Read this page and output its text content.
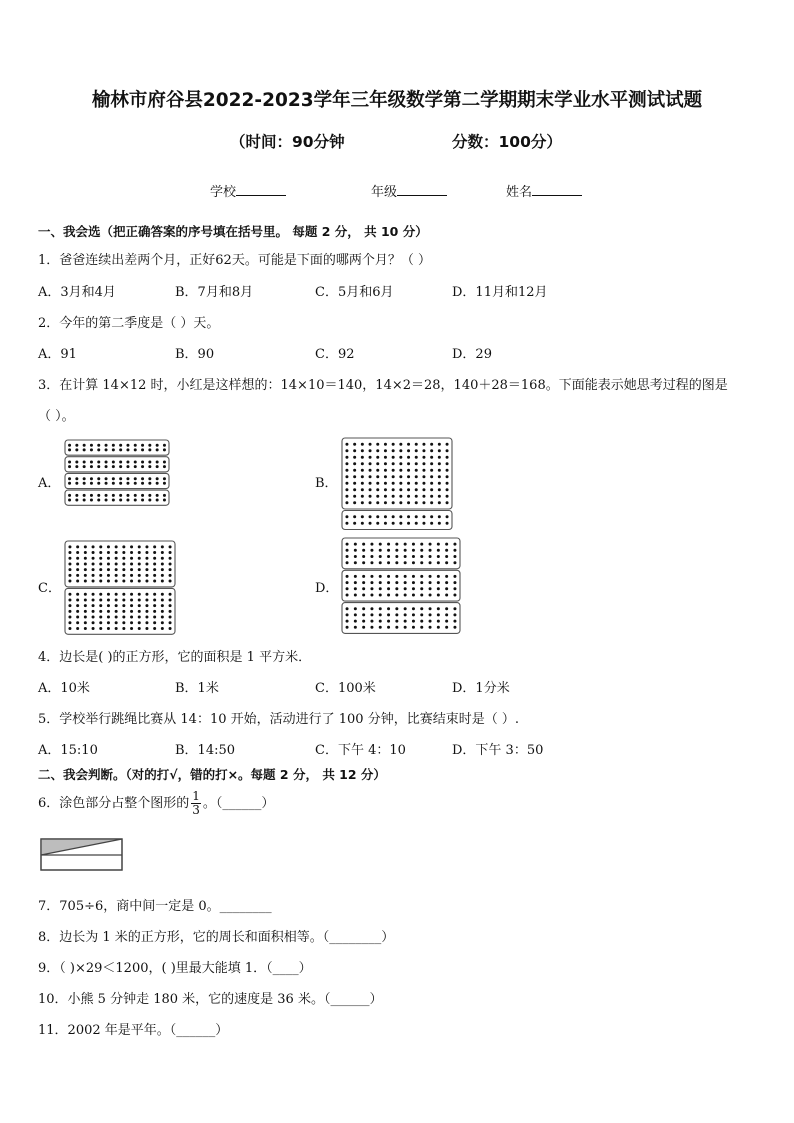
榆林市府谷县2022-2023学年三年级数学第二学期期末学业水平测试试题
（时间：90分钟	分数：100分）
学校	年级	姓名
一、我会选（把正确答案的序号填在括号里。 每题 2 分， 共 10 分）
1．爸爸连续出差两个月，正好62天。可能是下面的哪两个月？（ ）
A．3月和4月	B．7月和8月	C．5月和6月	D．11月和12月
2．今年的第二季度是（ ）天。
A．91	B．90	C．92	D．29
3．在计算 14×12 时，小红是这样想的：14×10＝140，14×2＝28，140＋28＝168。下面能表示她思考过程的图是
（ ）。
A．	B．
C．	D．
4．边长是( )的正方形，它的面积是 1 平方米．
A．10米	B．1米	C．100米	D．1分米
5．学校举行跳绳比赛从 14：10 开始，活动进行了 100 分钟，比赛结束时是（ ）.
A．15:10	B．14:50	C．下午 4：10	D．下午 3：50
二、我会判断。（对的打√，错的打×。每题 2 分， 共 12 分）
6．涂色部分占整个图形的 $\frac{1}{3}$ 。（______）
7．705÷6，商中间一定是 0。________
8．边长为 1 米的正方形，它的周长和面积相等。（________）
9．（ )×29＜1200，( )里最大能填 1．（____）
10．小熊 5 分钟走 180 米，它的速度是 36 米。（______）
11．2002 年是平年。（______）
